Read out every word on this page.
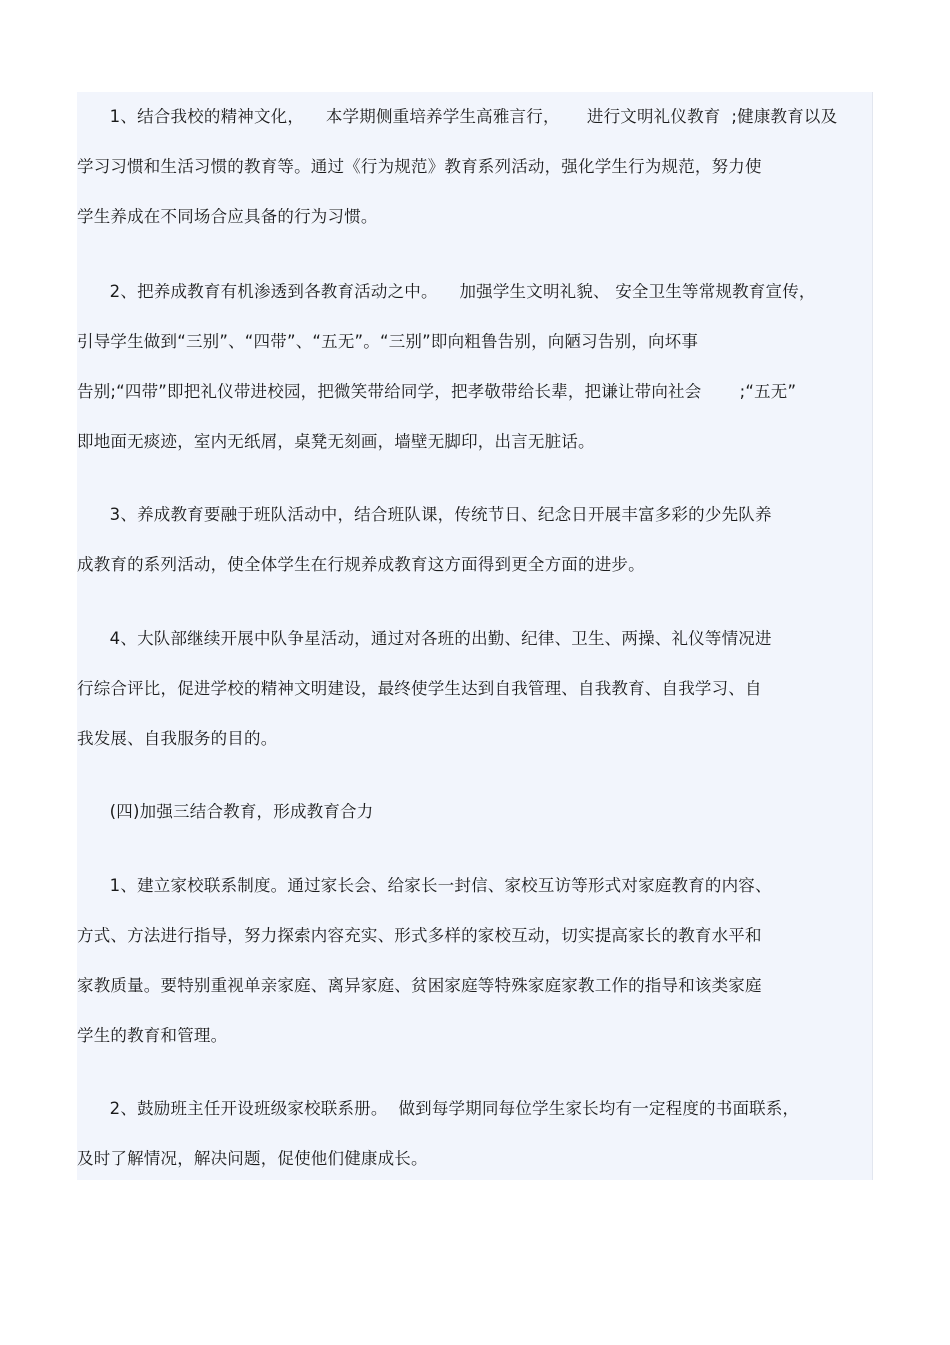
1、结合我校的精神文化，    本学期侧重培养学生高雅言行，     进行文明礼仪教育  ;健康教育以及
学习习惯和生活习惯的教育等。通过《行为规范》教育系列活动，强化学生行为规范，努力使
学生养成在不同场合应具备的行为习惯。
2、把养成教育有机渗透到各教育活动之中。    加强学生文明礼貌、 安全卫生等常规教育宣传，
引导学生做到“三别”、“四带”、“五无”。“三别”即向粗鲁告别，向陋习告别，向坏事
告别;“四带”即把礼仪带进校园，把微笑带给同学，把孝敬带给长辈，把谦让带向社会       ;“五无”
即地面无痰迹，室内无纸屑，桌凳无刻画，墙壁无脚印，出言无脏话。
3、养成教育要融于班队活动中，结合班队课，传统节日、纪念日开展丰富多彩的少先队养
成教育的系列活动，使全体学生在行规养成教育这方面得到更全方面的进步。
4、大队部继续开展中队争星活动，通过对各班的出勤、纪律、卫生、两操、礼仪等情况进
行综合评比，促进学校的精神文明建设，最终使学生达到自我管理、自我教育、自我学习、自
我发展、自我服务的目的。
(四)加强三结合教育，形成教育合力
1、建立家校联系制度。通过家长会、给家长一封信、家校互访等形式对家庭教育的内容、
方式、方法进行指导，努力探索内容充实、形式多样的家校互动，切实提高家长的教育水平和
家教质量。要特别重视单亲家庭、离异家庭、贫困家庭等特殊家庭家教工作的指导和该类家庭
学生的教育和管理。
2、鼓励班主任开设班级家校联系册。  做到每学期同每位学生家长均有一定程度的书面联系，
及时了解情况，解决问题，促使他们健康成长。
